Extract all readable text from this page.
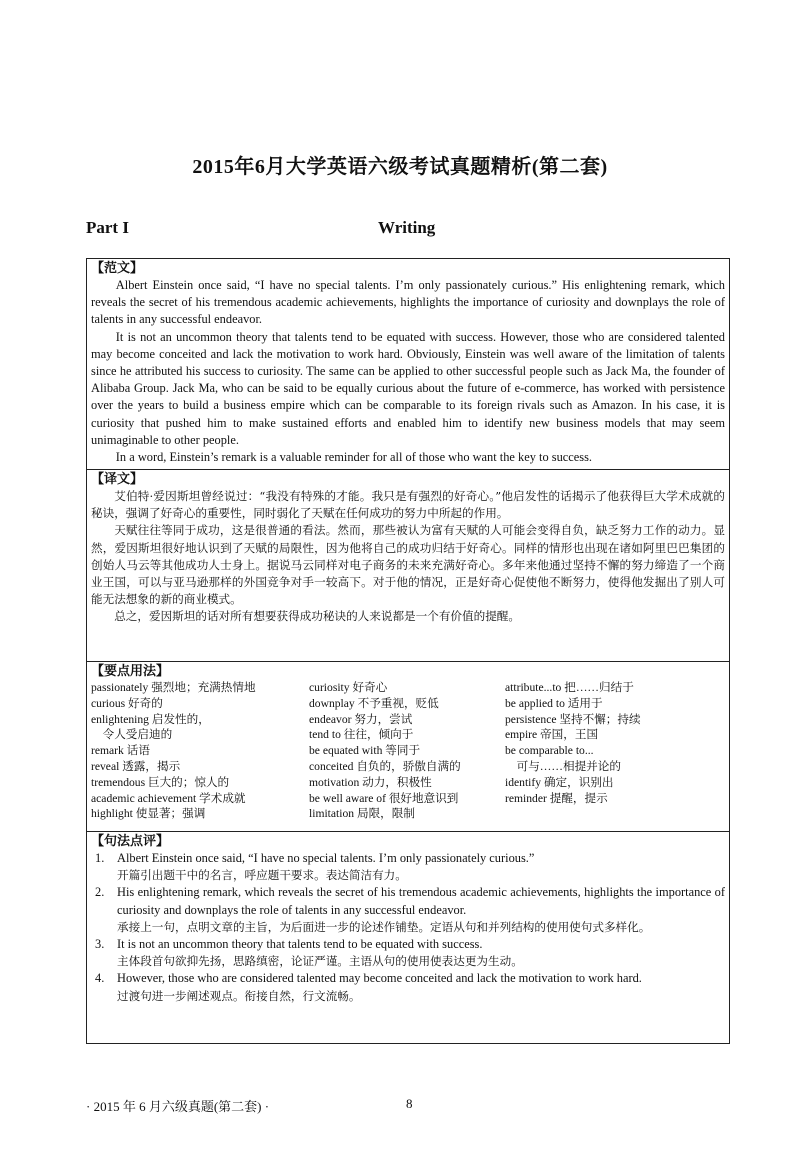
2015年6月大学英语六级考试真题精析(第二套)
Part I	Writing
【范文】

Albert Einstein once said, “I have no special talents. I’m only passionately curious.” His enlightening remark, which reveals the secret of his tremendous academic achievements, highlights the importance of curiosity and downplays the role of talents in any successful endeavor.

It is not an uncommon theory that talents tend to be equated with success. However, those who are considered talented may become conceited and lack the motivation to work hard. Obviously, Einstein was well aware of the limitation of talents since he attributed his success to curiosity. The same can be applied to other successful people such as Jack Ma, the founder of Alibaba Group. Jack Ma, who can be said to be equally curious about the future of e-commerce, has worked with persistence over the years to build a business empire which can be comparable to its foreign rivals such as Amazon. In his case, it is curiosity that pushed him to make sustained efforts and enabled him to identify new business models that may seem unimaginable to other people.

In a word, Einstein’s remark is a valuable reminder for all of those who want the key to success.

【译文】

艾伯特·爱因斯坦曾经说过：“我没有特殊的才能。我只是有强烈的好奇心。”他启发性的话揭示了他获得巨大学术成就的秘诀，强调了好奇心的重要性，同时弱化了天赋在任何成功的努力中所起的作用。

天赋往往等同于成功，这是很普通的看法。然而，那些被认为富有天赋的人可能会变得自负，缺乏努力工作的动力。显然，爱因斯坦很好地认识到了天赋的局限性，因为他将自己的成功归结于好奇心。同样的情形也出现在诸如阿里巴巴集团的创始人马云等其他成功人士身上。据说马云同样对电子商务的未来充满好奇心。多年来他通过坚持不懈的努力缔造了一个商业王国，可以与亚马逊那样的外国竞争对手一较高下。对于他的情况，正是好奇心促使他不断努力，使得他发掘出了别人可能无法想象的新的商业模式。

总之，爱因斯坦的话对所有想要获得成功秘诀的人来说都是一个有价值的提醒。

【要点用法】
passionately 强烈地；充满热情地
curious 好奇的
enlightening 启发性的，
　令人受启迪的
remark 话语
reveal 透露，揭示
tremendous 巨大的；惊人的
academic achievement 学术成就
highlight 使显著；强调
curiosity 好奇心
downplay 不予重视，贬低
endeavor 努力，尝试
tend to 往往，倾向于
be equated with 等同于
conceited 自负的，骄傲自满的
motivation 动力，积极性
be well aware of 很好地意识到
limitation 局限，限制
attribute...to 把……归结于
be applied to 适用于
persistence 坚持不懈；持续
empire 帝国，王国
be comparable to...
　可与……相提并论的
identify 确定，识别出
reminder 提醒，提示
【句法点评】
1. Albert Einstein once said, “I have no special talents. I’m only passionately curious.”

开篇引出题干中的名言，呼应题干要求。表达简洁有力。

2. His enlightening remark, which reveals the secret of his tremendous academic achievements, highlights the importance of curiosity and downplays the role of talents in any successful endeavor.

承接上一句，点明文章的主旨，为后面进一步的论述作铺垫。定语从句和并列结构的使用使句式多样化。

3. It is not an uncommon theory that talents tend to be equated with success.

主体段首句欲抑先扬，思路缜密，论证严谨。主语从句的使用使表达更为生动。

4. However, those who are considered talented may become conceited and lack the motivation to work hard.

过渡句进一步阐述观点。衔接自然，行文流畅。

· 2015 年 6 月六级真题(第二套) ·	8
